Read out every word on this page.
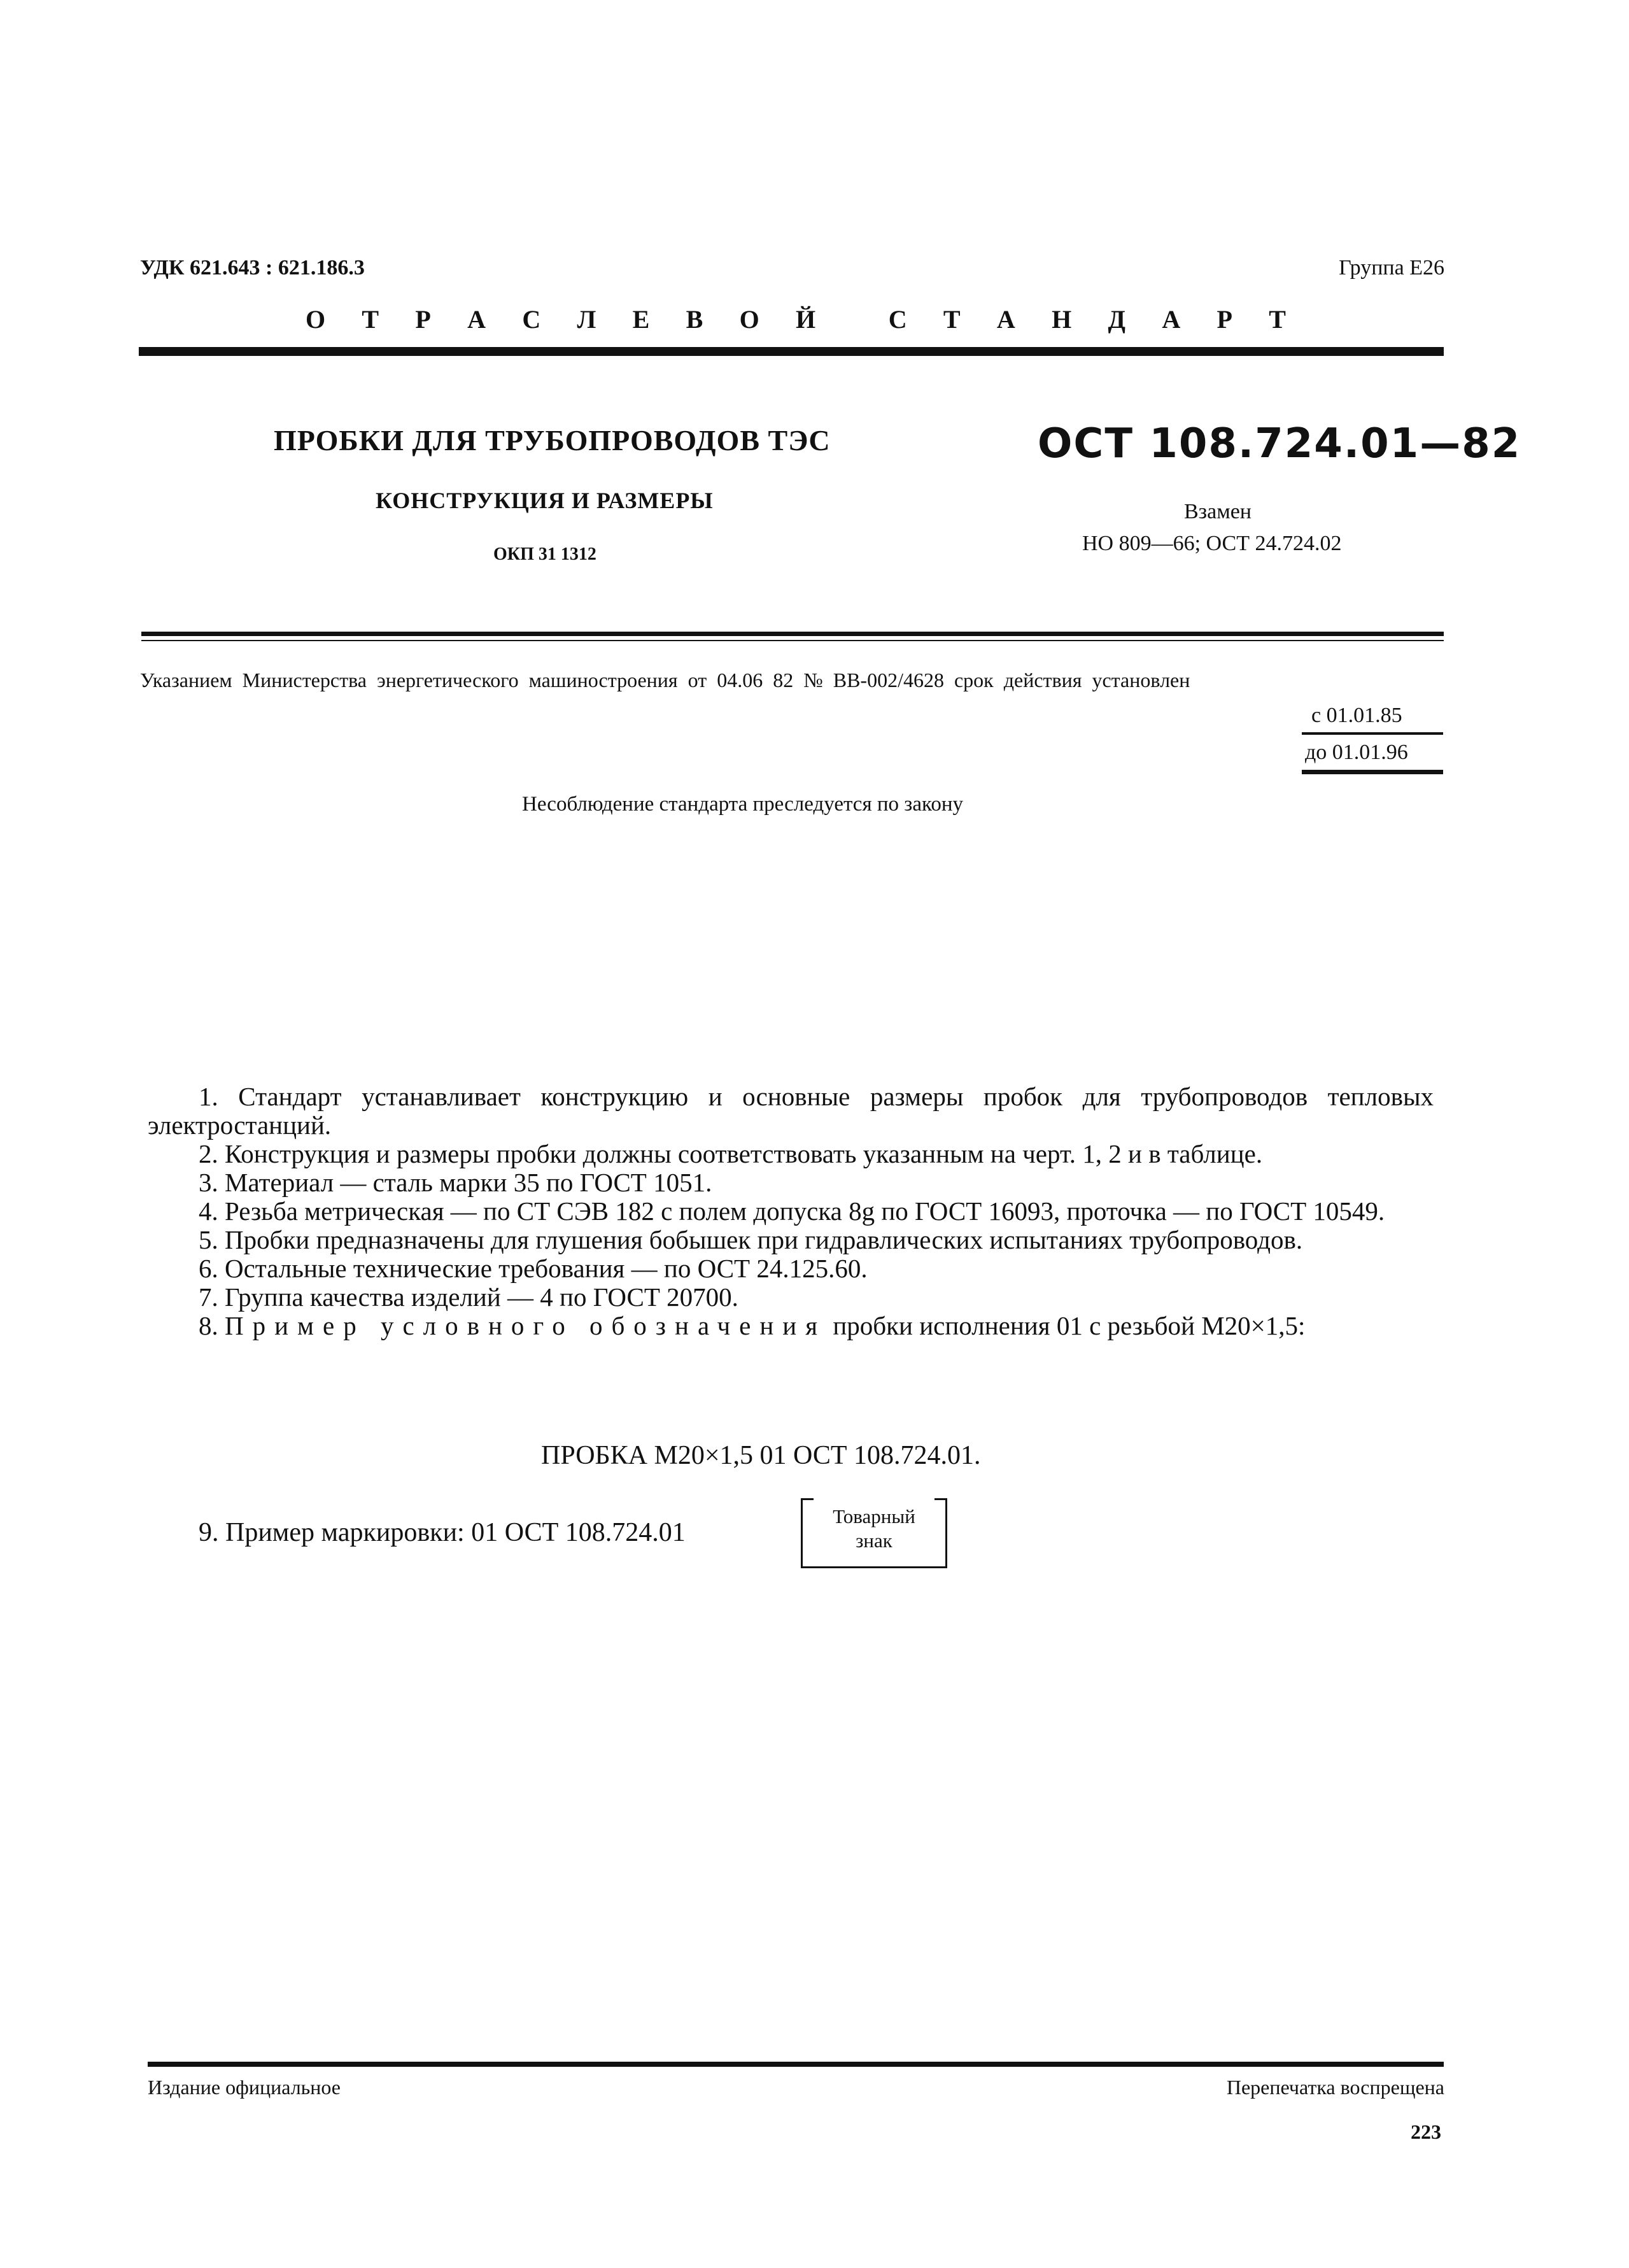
УДК 621.643 : 621.186.3	Группа Е26
О Т Р А С Л Е В О Й	С Т А Н Д А Р Т
ПРОБКИ ДЛЯ ТРУБОПРОВОДОВ ТЭС
КОНСТРУКЦИЯ И РАЗМЕРЫ
ОКП 31 1312
ОСТ 108.724.01—82
Взамен
НО 809—66; ОСТ 24.724.02
Указанием Министерства энергетического машиностроения от 04.06 82 № ВВ-002/4628 срок действия установлен
с 01.01.85
до 01.01.96
Несоблюдение стандарта преследуется по закону
1. Стандарт устанавливает конструкцию и основные размеры пробок для трубопроводов тепловых электростанций.
2. Конструкция и размеры пробки должны соответствовать указанным на черт. 1, 2 и в таблице.
3. Материал — сталь марки 35 по ГОСТ 1051.
4. Резьба метрическая — по СТ СЭВ 182 с полем допуска 8g по ГОСТ 16093, проточка — по ГОСТ 10549.
5. Пробки предназначены для глушения бобышек при гидравлических испытаниях трубопроводов.
6. Остальные технические требования — по ОСТ 24.125.60.
7. Группа качества изделий — 4 по ГОСТ 20700.
8. Пример условного обозначения пробки исполнения 01 с резьбой М20×1,5:
ПРОБКА М20×1,5 01 ОСТ 108.724.01.
9. Пример маркировки: 01 ОСТ 108.724.01
Товарный
знак
Издание официальное	Перепечатка воспрещена
223
